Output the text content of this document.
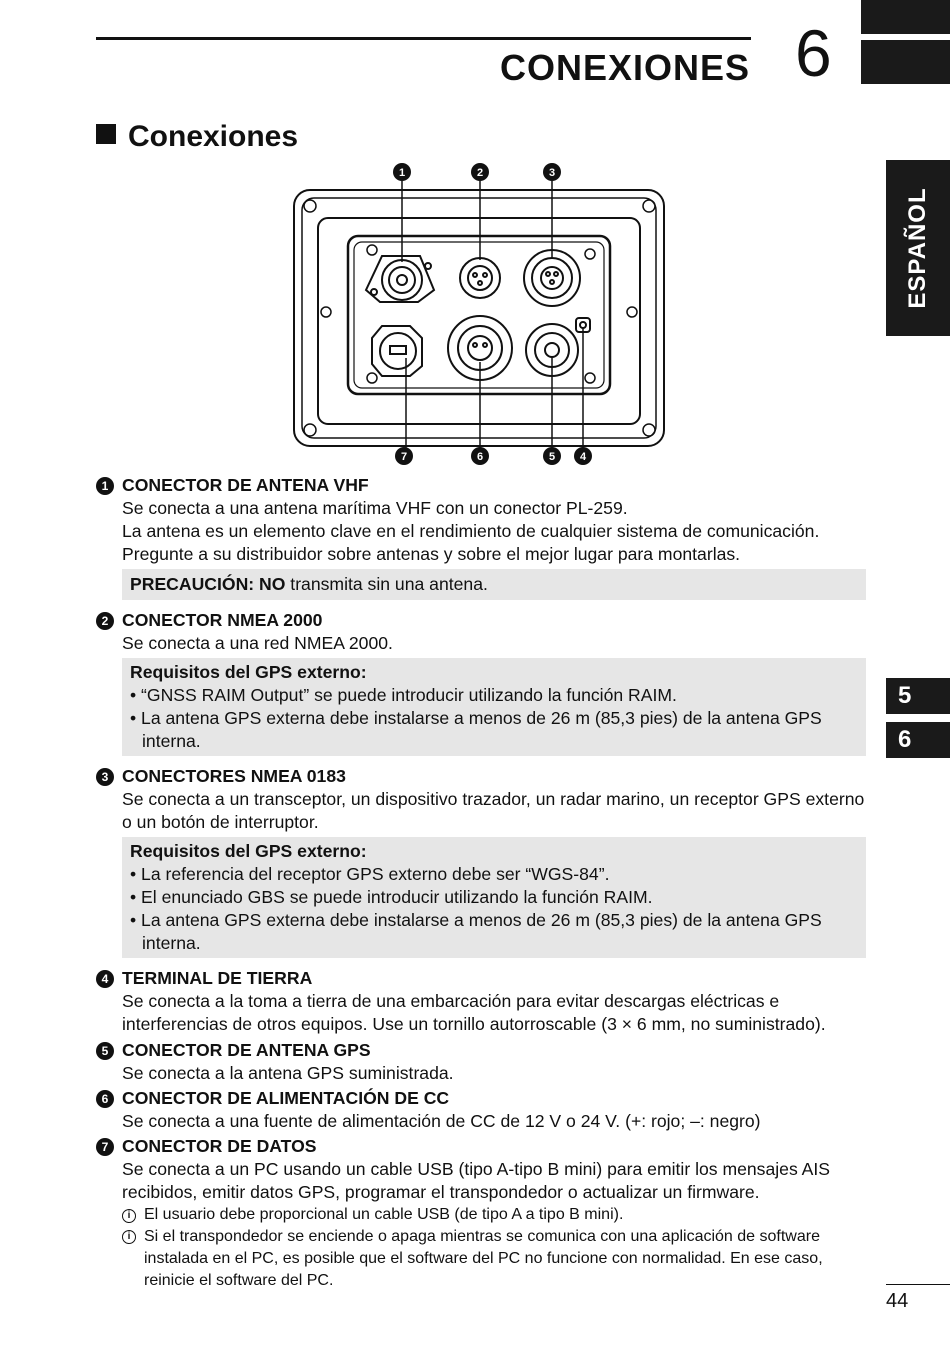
CONEXIONES 6
Conexiones
ESPAÑOL
5
6
1	2	3
7	6	5 4
1 CONECTOR DE ANTENA VHF
Se conecta a una antena marítima VHF con un conector PL-259.
La antena es un elemento clave en el rendimiento de cualquier sistema de comunicación.
Pregunte a su distribuidor sobre antenas y sobre el mejor lugar para montarlas.
PRECAUCIÓN: NO transmita sin una antena.
2 CONECTOR NMEA 2000
Se conecta a una red NMEA 2000.
Requisitos del GPS externo:
• “GNSS RAIM Output” se puede introducir utilizando la función RAIM.
• La antena GPS externa debe instalarse a menos de 26 m (85,3 pies) de la antena GPS interna.
3 CONECTORES NMEA 0183
Se conecta a un transceptor, un dispositivo trazador, un radar marino, un receptor GPS externo o un botón de interruptor.
Requisitos del GPS externo:
• La referencia del receptor GPS externo debe ser “WGS-84”.
• El enunciado GBS se puede introducir utilizando la función RAIM.
• La antena GPS externa debe instalarse a menos de 26 m (85,3 pies) de la antena GPS interna.
4 TERMINAL DE TIERRA
Se conecta a la toma a tierra de una embarcación para evitar descargas eléctricas e interferencias de otros equipos. Use un tornillo autorroscable (3 × 6 mm, no suministrado).
5 CONECTOR DE ANTENA GPS
Se conecta a la antena GPS suministrada.
6 CONECTOR DE ALIMENTACIÓN DE CC
Se conecta a una fuente de alimentación de CC de 12 V o 24 V. (+: rojo; –: negro)
7 CONECTOR DE DATOS
Se conecta a un PC usando un cable USB (tipo A-tipo B mini) para emitir los mensajes AIS recibidos, emitir datos GPS, programar el transpondedor o actualizar un firmware.
i El usuario debe proporcional un cable USB (de tipo A a tipo B mini).
i Si el transpondedor se enciende o apaga mientras se comunica con una aplicación de software instalada en el PC, es posible que el software del PC no funcione con normalidad. En ese caso, reinicie el software del PC.
44
